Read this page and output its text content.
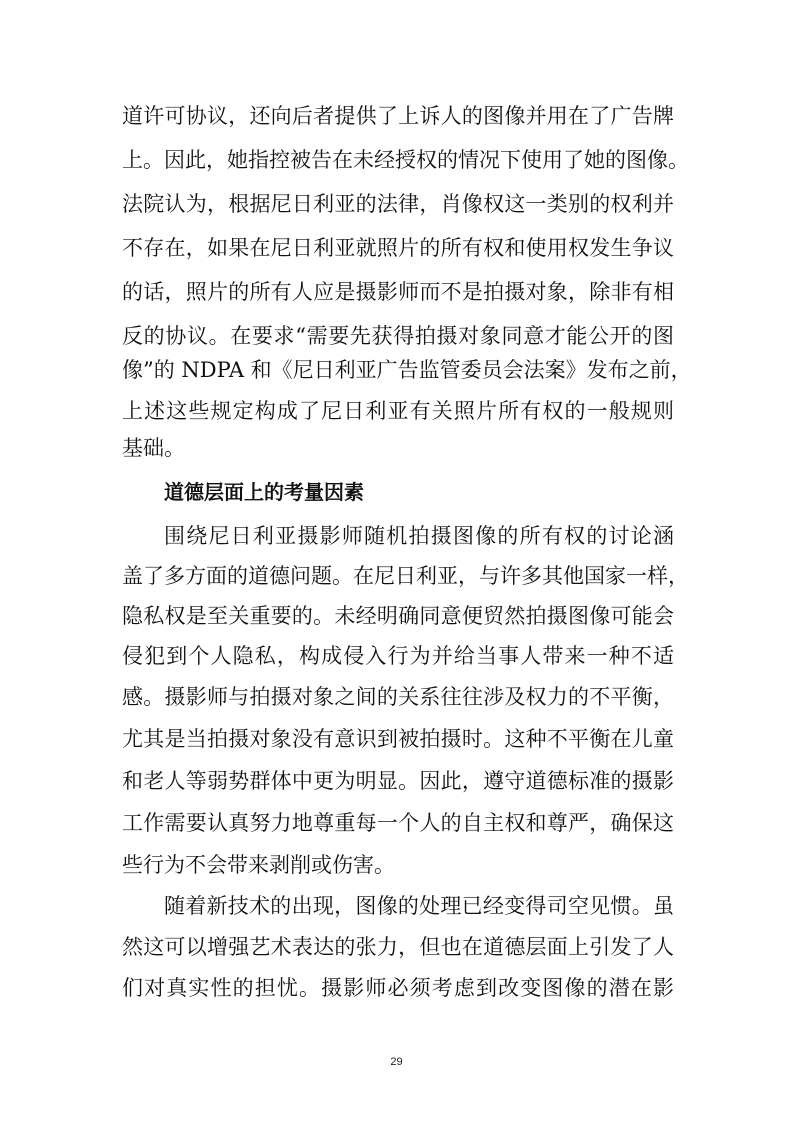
道许可协议，还向后者提供了上诉人的图像并用在了广告牌
上。因此，她指控被告在未经授权的情况下使用了她的图像。
法院认为，根据尼日利亚的法律，肖像权这一类别的权利并
不存在，如果在尼日利亚就照片的所有权和使用权发生争议
的话，照片的所有人应是摄影师而不是拍摄对象，除非有相
反的协议。在要求“需要先获得拍摄对象同意才能公开的图
像”的 NDPA 和《尼日利亚广告监管委员会法案》发布之前，
上述这些规定构成了尼日利亚有关照片所有权的一般规则
基础。
道德层面上的考量因素
围绕尼日利亚摄影师随机拍摄图像的所有权的讨论涵
盖了多方面的道德问题。在尼日利亚，与许多其他国家一样，
隐私权是至关重要的。未经明确同意便贸然拍摄图像可能会
侵犯到个人隐私，构成侵入行为并给当事人带来一种不适
感。摄影师与拍摄对象之间的关系往往涉及权力的不平衡，
尤其是当拍摄对象没有意识到被拍摄时。这种不平衡在儿童
和老人等弱势群体中更为明显。因此，遵守道德标准的摄影
工作需要认真努力地尊重每一个人的自主权和尊严，确保这
些行为不会带来剥削或伤害。
随着新技术的出现，图像的处理已经变得司空见惯。虽
然这可以增强艺术表达的张力，但也在道德层面上引发了人
们对真实性的担忧。摄影师必须考虑到改变图像的潜在影
29
